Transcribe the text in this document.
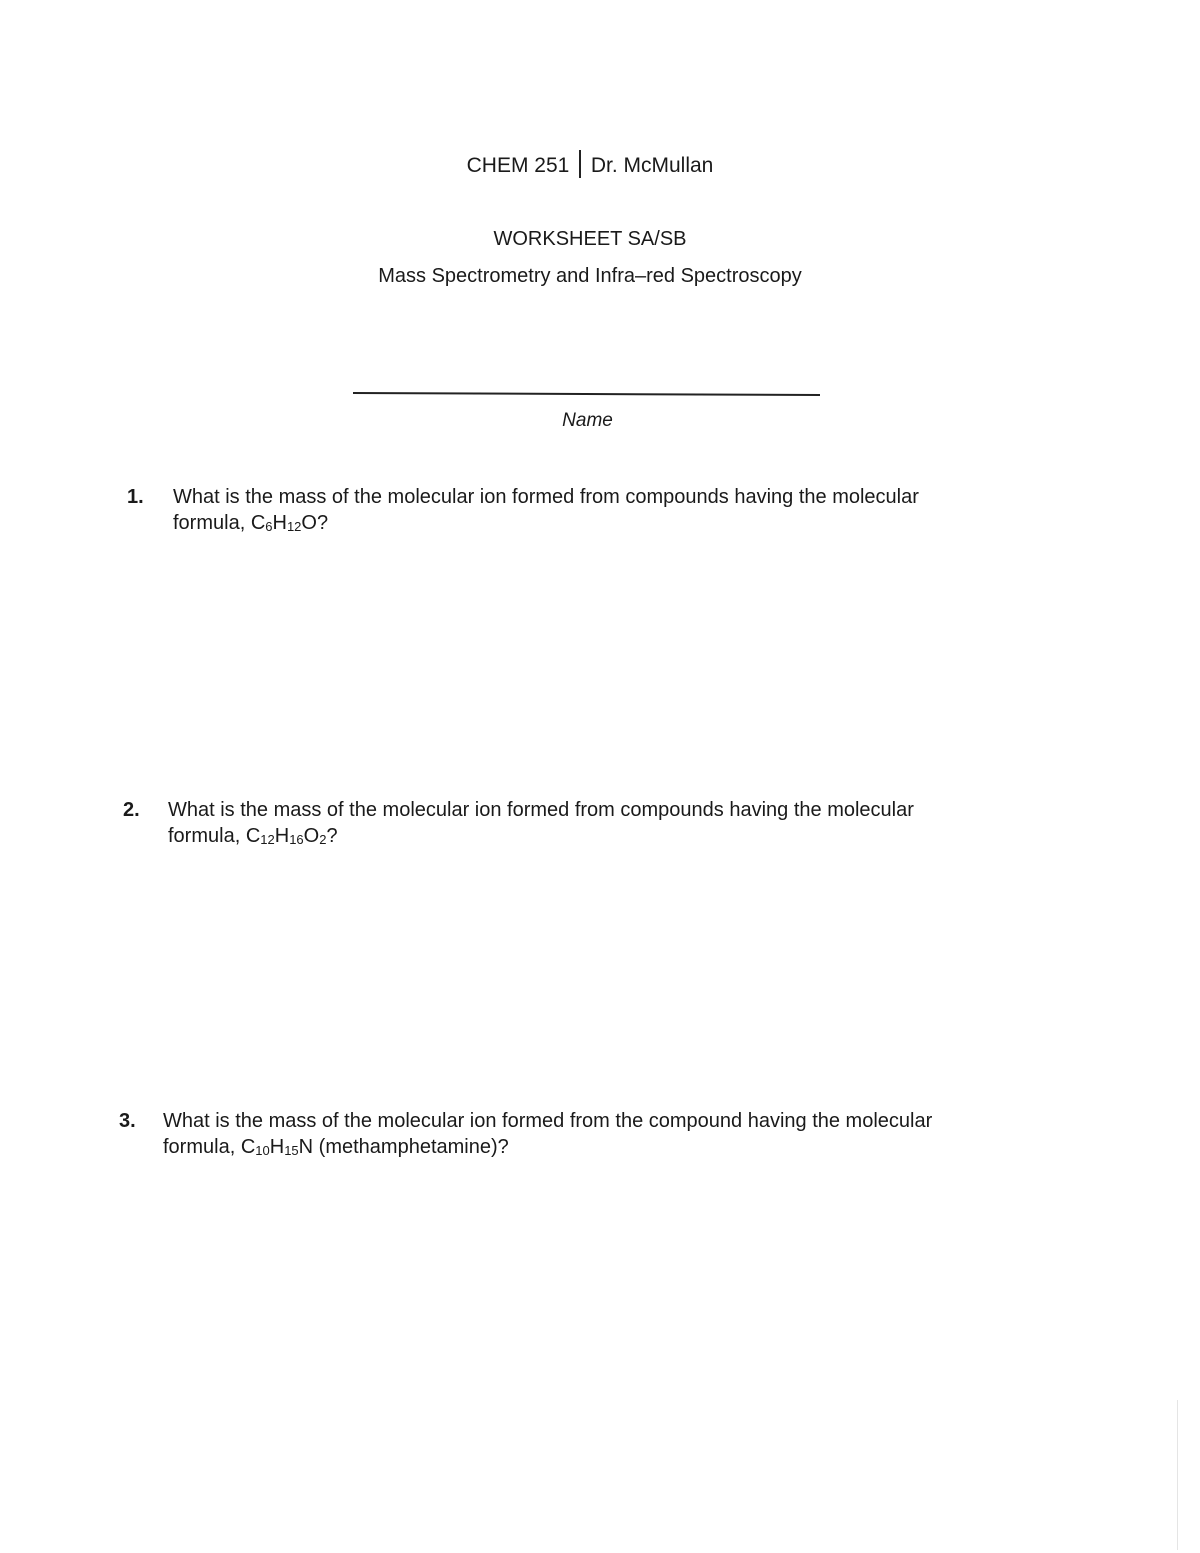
CHEM 251 Dr. McMullan
WORKSHEET SA/SB
Mass Spectrometry and Infra–red Spectroscopy
Name
1. What is the mass of the molecular ion formed from compounds having the molecular
formula, $C_6H_{12}O$?
2. What is the mass of the molecular ion formed from compounds having the molecular
formula, $C_{12}H_{16}O_2$?
3. What is the mass of the molecular ion formed from the compound having the molecular
formula, $C_{10}H_{15}N$ (methamphetamine)?
